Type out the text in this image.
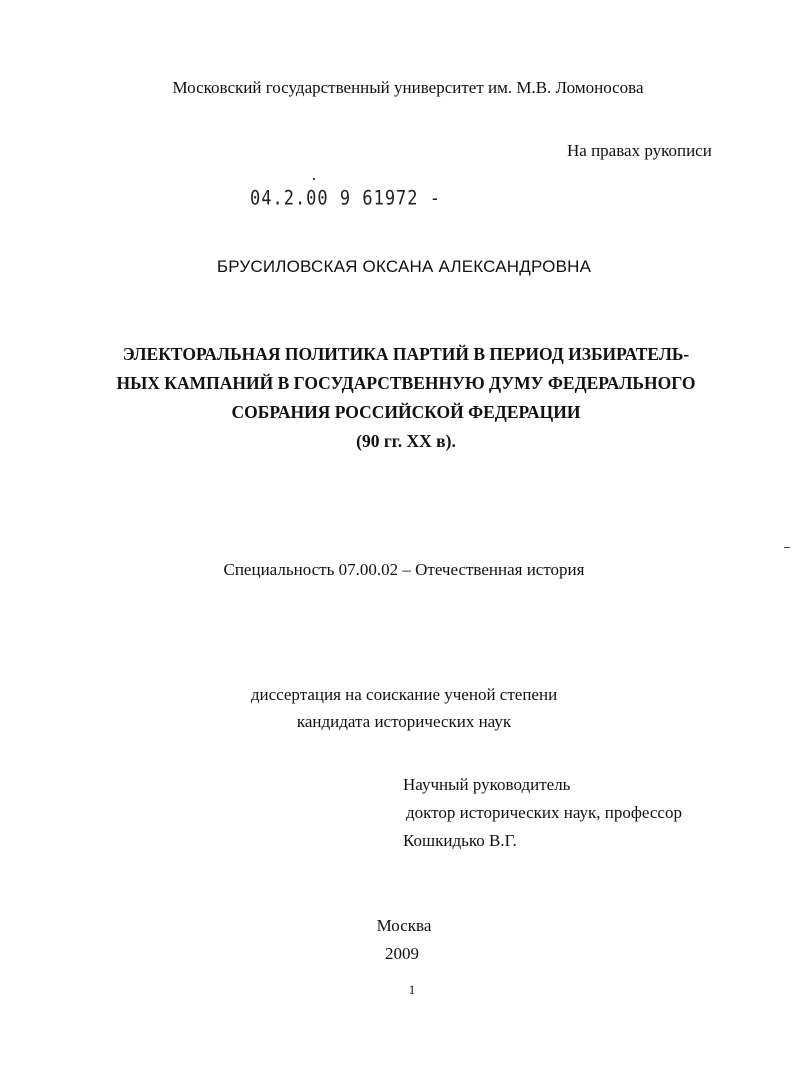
Московский государственный университет им. М.В. Ломоносова
На правах рукописи
04.2.00 9 61972 -
БРУСИЛОВСКАЯ ОКСАНА АЛЕКСАНДРОВНА
ЭЛЕКТОРАЛЬНАЯ ПОЛИТИКА ПАРТИЙ В ПЕРИОД ИЗБИРАТЕЛЬ-
НЫХ КАМПАНИЙ В ГОСУДАРСТВЕННУЮ ДУМУ ФЕДЕРАЛЬНОГО
СОБРАНИЯ РОССИЙСКОЙ ФЕДЕРАЦИИ
(90 гг. XX в).
Специальность 07.00.02 – Отечественная история
диссертация на соискание ученой степени
кандидата исторических наук
Научный руководитель
доктор исторических наук, профессор
Кошкидько В.Г.
Москва
2009
1
